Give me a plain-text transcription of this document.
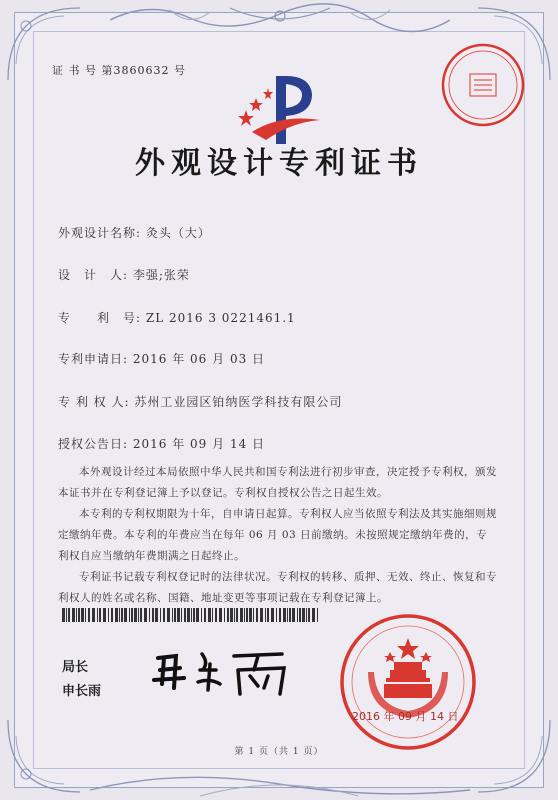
证 书 号 第3860632 号
外观设计专利证书
外观设计名称: 灸头（大）
设　计　人: 李强;张荣
专　　利　号: ZL 2016 3 0221461.1
专利申请日: 2016 年 06 月 03 日
专 利 权 人: 苏州工业园区铂纳医学科技有限公司
授权公告日: 2016 年 09 月 14 日

本外观设计经过本局依照中华人民共和国专利法进行初步审查，决定授予专利权，颁发本证书并在专利登记簿上予以登记。专利权自授权公告之日起生效。

本专利的专利权期限为十年，自申请日起算。专利权人应当依照专利法及其实施细则规定缴纳年费。本专利的年费应当在每年 06 月 03 日前缴纳。未按照规定缴纳年费的，专利权自应当缴纳年费期满之日起终止。

专利证书记载专利权登记时的法律状况。专利权的转移、质押、无效、终止、恢复和专利权人的姓名或名称、国籍、地址变更等事项记载在专利登记簿上。

局长
申长雨
2016 年 09 月 14 日
第 1 页（共 1 页）
